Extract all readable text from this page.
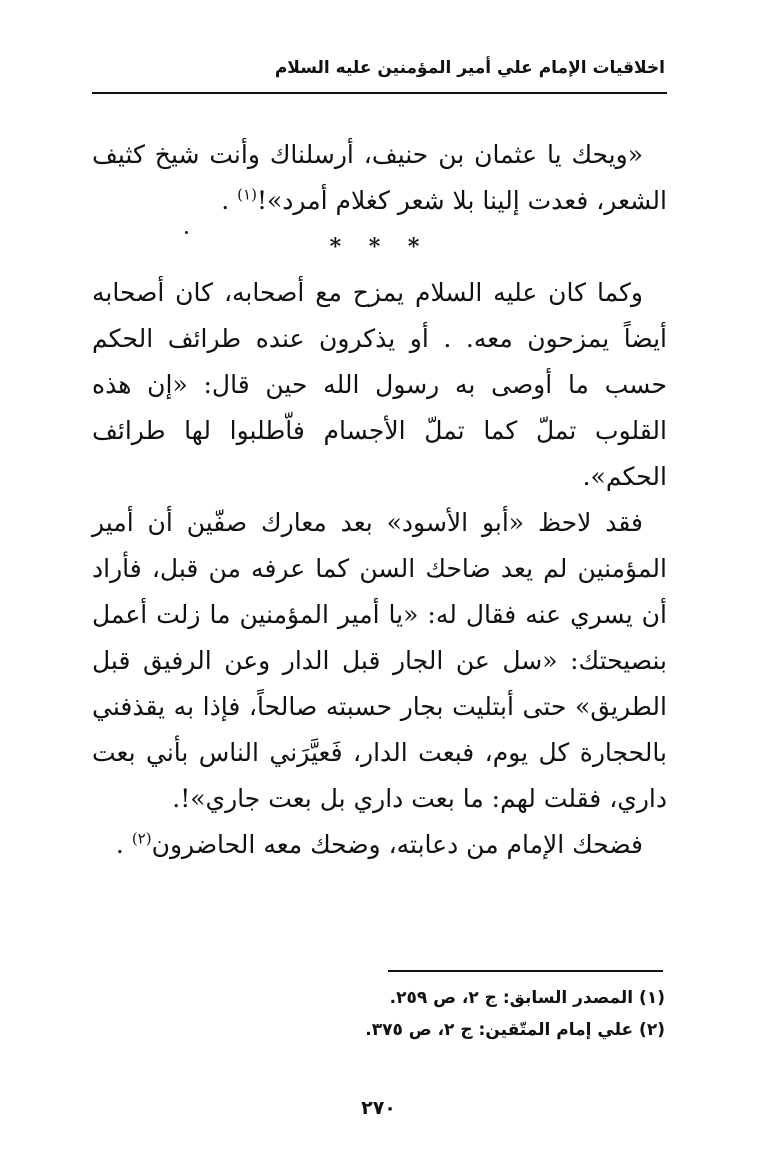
اخلاقيات الإمام علي أمير المؤمنين عليه السلام

«ويحك يا عثمان بن حنيف، أرسلناك وأنت شيخ كثيف الشعر، فعدت إلينا بلا شعر كغلام أمرد»!$^{(١)}$ .

* * *

وكما كان عليه السلام يمزح مع أصحابه، كان أصحابه أيضاً يمزحون معه. . أو يذكرون عنده طرائف الحكم حسب ما أوصى به رسول الله حين قال: «إن هذه القلوب تملّ كما تملّ الأجسام فاّطلبوا لها طرائف الحكم».

فقد لاحظ «أبو الأسود» بعد معارك صفّين أن أمير المؤمنين لم يعد ضاحك السن كما عرفه من قبل، فأراد أن يسري عنه فقال له: «يا أمير المؤمنين ما زلت أعمل بنصيحتك: «سل عن الجار قبل الدار وعن الرفيق قبل الطريق» حتى أبتليت بجار حسبته صالحاً، فإذا به يقذفني بالحجارة كل يوم، فبعت الدار، فَعيَّرَني الناس بأني بعت داري، فقلت لهم: ما بعت داري بل بعت جاري»!.

فضحك الإمام من دعابته، وضحك معه الحاضرون$^{(٢)}$ .

(١) المصدر السابق: ج ٢، ص ٢٥٩.
(٢) علي إمام المتّقين: ج ٢، ص ٣٧٥.
٢٧٠
